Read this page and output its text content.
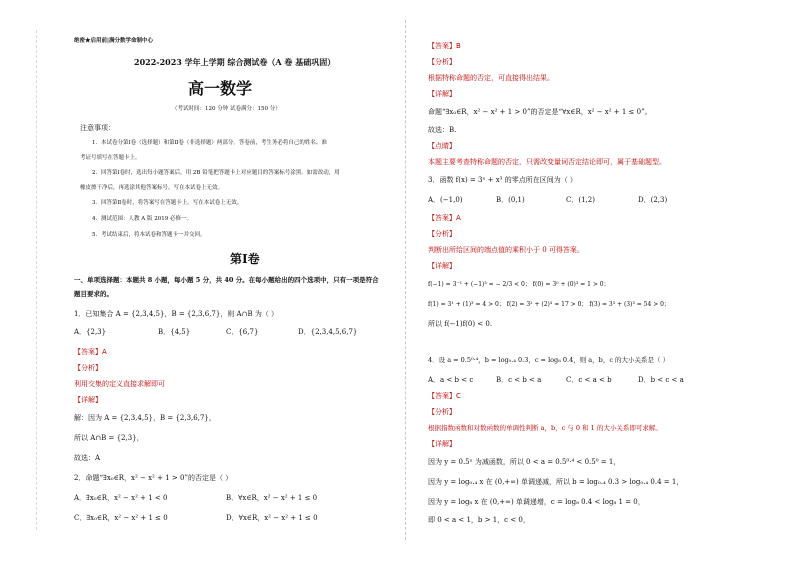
绝密★启用前|满分数学命制中心
2022-2023 学年上学期 综合测试卷（A 卷 基础巩固）
高一数学
（考试时间：120 分钟 试卷满分：150 分）
注意事项：
1．本试卷分第Ⅰ卷（选择题）和第Ⅱ卷（非选择题）两部分。答卷前，考生务必将自己的姓名、准
考证号填写在答题卡上。
2．回答第Ⅰ卷时，选出每小题答案后，用 2B 铅笔把答题卡上对应题目的答案标号涂黑。如需改动，用
橡皮擦干净后，再选涂其他答案标号。写在本试卷上无效。
3．回答第Ⅱ卷时，将答案写在答题卡上。写在本试卷上无效。
4．测试范围：人教 A 版 2019 必修一。
5．考试结束后，将本试卷和答题卡一并交回。
第Ⅰ卷
一、单项选择题：本题共 8 小题，每小题 5 分，共 40 分。在每小题给出的四个选项中，只有一项是符合
题目要求的。
1．已知集合 A = {2,3,4,5}，B = {2,3,6,7}，则 A∩B 为（ ）
A．{2,3}	B．{4,5}	C．{6,7}	D．{2,3,4,5,6,7}
【答案】A
【分析】
利用交集的定义直接求解即可
【详解】
解：因为 A = {2,3,4,5}，B = {2,3,6,7}，
所以 A∩B = {2,3}，
故选：A
2．命题“∃x₀∈R，x² − x² + 1 > 0”的否定是（ ）
A．∃x₀∈R，x² − x² + 1 < 0	B．∀x∈R，x² − x² + 1 ≤ 0
C．∃x₀∈R，x² − x² + 1 ≤ 0	D．∀x∈R，x² − x² + 1 ≤ 0
【答案】B
【分析】
根据特称命题的否定，可直接得出结果。
【详解】
命题“∃x₀∈R，x² − x² + 1 > 0”的否定是“∀x∈R，x² − x² + 1 ≤ 0”。
故选：B.
【点睛】
本题主要考查特称命题的否定，只需改变量词否定结论即可，属于基础题型。
3．函数 f(x) = 3ˣ + x³ 的零点所在区间为（ ）
A．(−1,0)	B．(0,1)	C．(1,2)	D．(2,3)
【答案】A
【分析】
判断出所给区间的端点值的乘积小于 0 可得答案。
【详解】
f(−1) = 3⁻¹ + (−1)³ = − 2/3 < 0； f(0) = 3⁰ + (0)³ = 1 > 0；
f(1) = 3¹ + (1)³ = 4 > 0； f(2) = 3² + (2)³ = 17 > 0； f(3) = 3³ + (3)³ = 54 > 0；
所以 f(−1)f(0) < 0.
4．设 a = 0.5⁰·⁴，b = log₀.₄ 0.3，c = log₈ 0.4，则 a，b，c 的大小关系是（ ）
A．a < b < c	B．c < b < a	C．c < a < b	D．b < c < a
【答案】C
【分析】
根据指数函数和对数函数的单调性判断 a，b，c 与 0 和 1 的大小关系即可求解。
【详解】
因为 y = 0.5ˣ 为减函数，所以 0 < a = 0.5⁰·⁴ < 0.5⁰ = 1，
因为 y = log₀.₄ x 在 (0,+∞) 单调递减，所以 b = log₀.₄ 0.3 > log₀.₄ 0.4 = 1，
因为 y = log₈ x 在 (0,+∞) 单调递增，c = log₈ 0.4 < log₈ 1 = 0，
即 0 < a < 1，b > 1，c < 0，
